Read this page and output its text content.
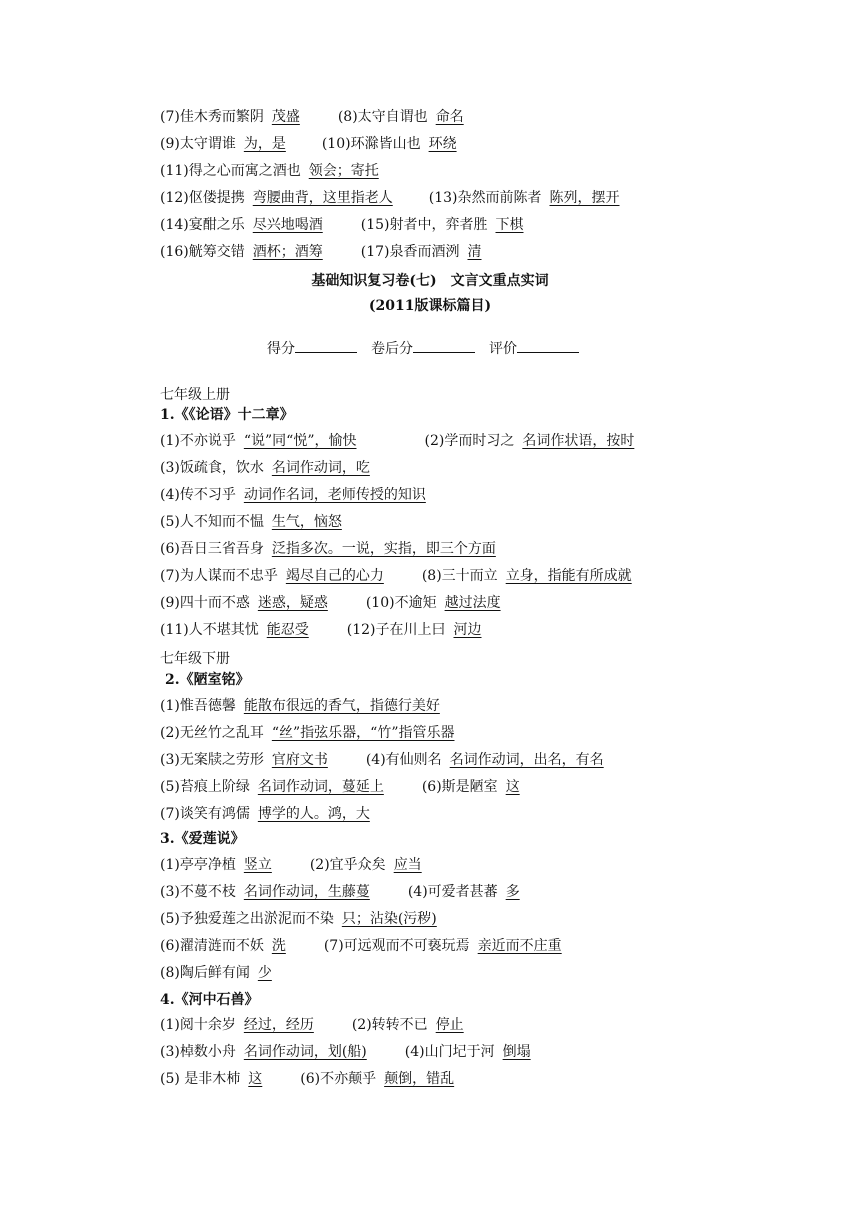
(7)佳木秀而繁阴 茂盛	(8)太守自谓也 命名
(9)太守谓谁 为，是	(10)环滁皆山也 环绕
(11)得之心而寓之酒也 领会；寄托
(12)伛偻提携 弯腰曲背，这里指老人	(13)杂然而前陈者 陈列，摆开
(14)宴酣之乐 尽兴地喝酒	(15)射者中，弈者胜 下棋
(16)觥筹交错 酒杯；酒筹	(17)泉香而酒洌 清
基础知识复习卷(七)　文言文重点实词
(2011版课标篇目)
得分	卷后分	评价
七年级上册
1.《《论语》十二章》
(1)不亦说乎 “说”同“悦”，愉快	(2)学而时习之 名词作状语，按时
(3)饭疏食，饮水 名词作动词，吃
(4)传不习乎 动词作名词，老师传授的知识
(5)人不知而不愠 生气，恼怒
(6)吾日三省吾身 泛指多次。一说，实指，即三个方面
(7)为人谋而不忠乎 竭尽自己的心力	(8)三十而立 立身，指能有所成就
(9)四十而不惑 迷惑，疑惑	(10)不逾矩 越过法度
(11)人不堪其忧 能忍受	(12)子在川上曰 河边
七年级下册
2.《陋室铭》
(1)惟吾德馨 能散布很远的香气，指德行美好
(2)无丝竹之乱耳 “丝”指弦乐器，“竹”指管乐器
(3)无案牍之劳形 官府文书	(4)有仙则名 名词作动词，出名，有名
(5)苔痕上阶绿 名词作动词，蔓延上	(6)斯是陋室 这
(7)谈笑有鸿儒 博学的人。鸿，大
3.《爱莲说》
(1)亭亭净植 竖立	(2)宜乎众矣 应当
(3)不蔓不枝 名词作动词，生藤蔓	(4)可爱者甚蕃 多
(5)予独爱莲之出淤泥而不染 只；沾染(污秽)
(6)濯清涟而不妖 洗	(7)可远观而不可亵玩焉 亲近而不庄重
(8)陶后鲜有闻 少
4.《河中石兽》
(1)阅十余岁 经过，经历	(2)转转不已 停止
(3)棹数小舟 名词作动词，划(船)	(4)山门圮于河 倒塌
(5) 是非木杮 这	(6)不亦颠乎 颠倒，错乱
